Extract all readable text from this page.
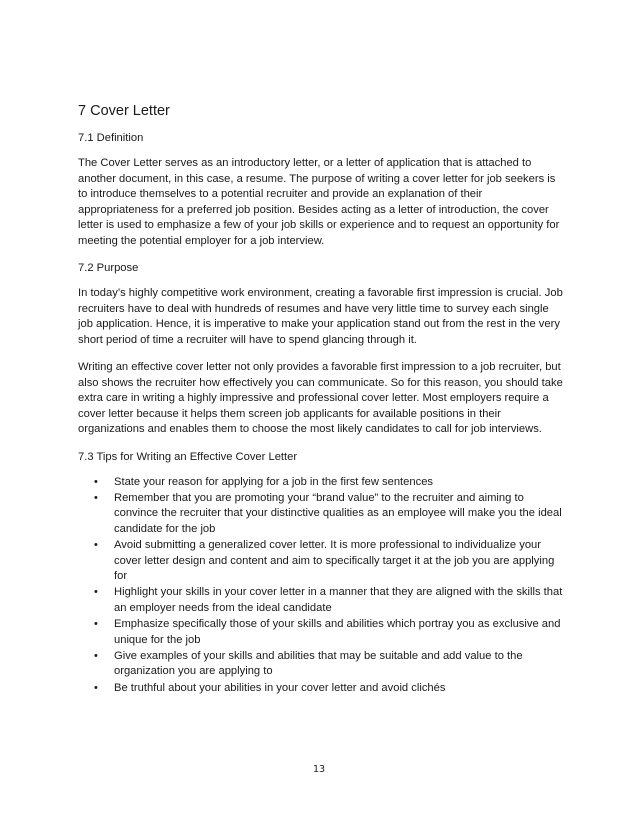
7 Cover Letter
7.1 Definition
The Cover Letter serves as an introductory letter, or a letter of application that is attached to another document, in this case, a resume. The purpose of writing a cover letter for job seekers is to introduce themselves to a potential recruiter and provide an explanation of their appropriateness for a preferred job position. Besides acting as a letter of introduction, the cover letter is used to emphasize a few of your job skills or experience and to request an opportunity for meeting the potential employer for a job interview.
7.2 Purpose
In today’s highly competitive work environment, creating a favorable first impression is crucial. Job recruiters have to deal with hundreds of resumes and have very little time to survey each single job application. Hence, it is imperative to make your application stand out from the rest in the very short period of time a recruiter will have to spend glancing through it.
Writing an effective cover letter not only provides a favorable first impression to a job recruiter, but also shows the recruiter how effectively you can communicate. So for this reason, you should take extra care in writing a highly impressive and professional cover letter. Most employers require a cover letter because it helps them screen job applicants for available positions in their organizations and enables them to choose the most likely candidates to call for job interviews.
7.3 Tips for Writing an Effective Cover Letter
• State your reason for applying for a job in the first few sentences
• Remember that you are promoting your “brand value” to the recruiter and aiming to convince the recruiter that your distinctive qualities as an employee will make you the ideal candidate for the job
• Avoid submitting a generalized cover letter. It is more professional to individualize your cover letter design and content and aim to specifically target it at the job you are applying for
• Highlight your skills in your cover letter in a manner that they are aligned with the skills that an employer needs from the ideal candidate
• Emphasize specifically those of your skills and abilities which portray you as exclusive and unique for the job
• Give examples of your skills and abilities that may be suitable and add value to the organization you are applying to
• Be truthful about your abilities in your cover letter and avoid clichés
13
